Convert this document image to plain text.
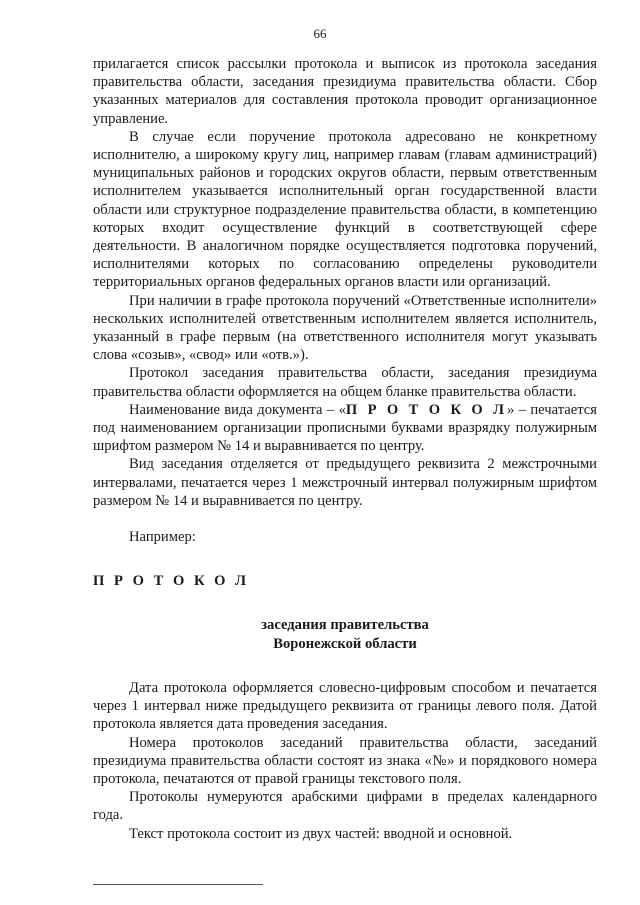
66

прилагается список рассылки протокола и выписок из протокола заседания правительства области, заседания президиума правительства области. Сбор указанных материалов для составления протокола проводит организационное управление.

В случае если поручение протокола адресовано не конкретному исполнителю, а широкому кругу лиц, например главам (главам администраций) муниципальных районов и городских округов области, первым ответственным исполнителем указывается исполнительный орган государственной власти области или структурное подразделение правительства области, в компетенцию которых входит осуществление функций в соответствующей сфере деятельности. В аналогичном порядке осуществляется подготовка поручений, исполнителями которых по согласованию определены руководители территориальных органов федеральных органов власти или организаций.

При наличии в графе протокола поручений «Ответственные исполнители» нескольких исполнителей ответственным исполнителем является исполнитель, указанный в графе первым (на ответственного исполнителя могут указывать слова «созыв», «свод» или «отв.»).

Протокол заседания правительства области, заседания президиума правительства области оформляется на общем бланке правительства области.

Наименование вида документа – «П Р О Т О К О Л» – печатается под наименованием организации прописными буквами вразрядку полужирным шрифтом размером № 14 и выравнивается по центру.

Вид заседания отделяется от предыдущего реквизита 2 межстрочными интервалами, печатается через 1 межстрочный интервал полужирным шрифтом размером № 14 и выравнивается по центру.

Например:

П Р О Т О К О Л

заседания правительства

Воронежской области

Дата протокола оформляется словесно-цифровым способом и печатается через 1 интервал ниже предыдущего реквизита от границы левого поля. Датой протокола является дата проведения заседания.

Номера протоколов заседаний правительства области, заседаний президиума правительства области состоят из знака «№» и порядкового номера протокола, печатаются от правой границы текстового поля.

Протоколы нумеруются арабскими цифрами в пределах календарного года.

Текст протокола состоит из двух частей: вводной и основной.
